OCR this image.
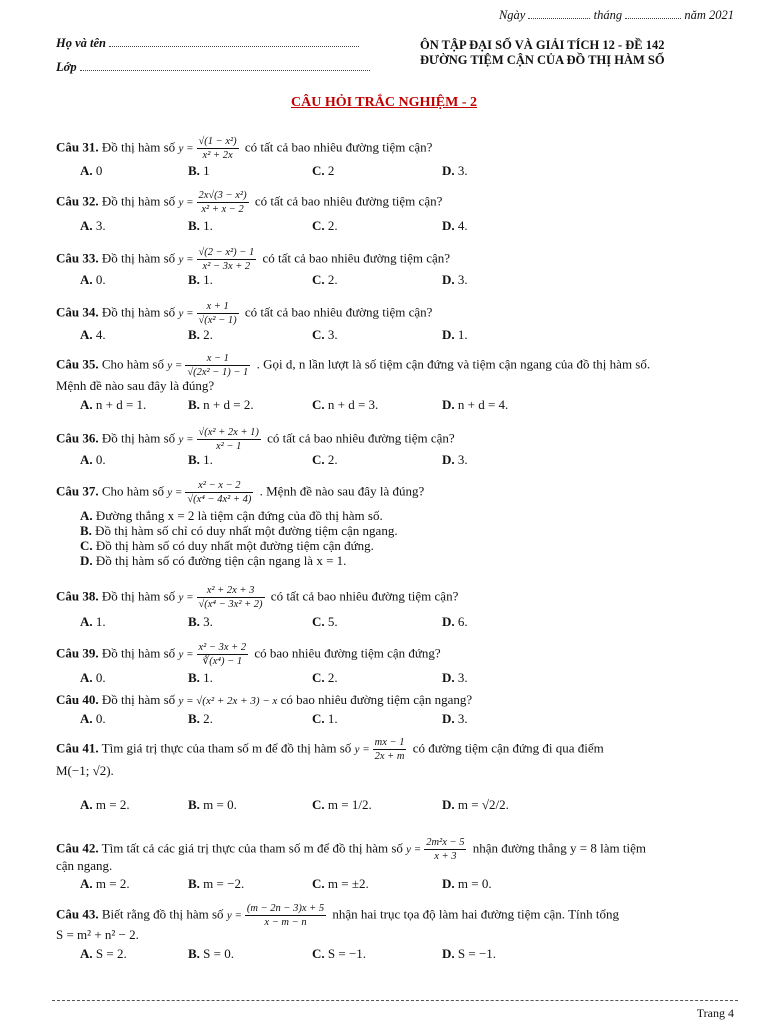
Ngày	tháng	năm 2021
Họ và tên
Lớp
ÔN TẬP ĐẠI SỐ VÀ GIẢI TÍCH 12 - ĐỀ 142
ĐƯỜNG TIỆM CẬN CỦA ĐỒ THỊ HÀM SỐ
CÂU HỎI TRẮC NGHIỆM - 2
Câu 31. Đồ thị hàm số $y = \frac{\text{√(1 − x²)}}{\text{x² + 2x}}$ có tất cả bao nhiêu đường tiệm cận?
A. 0	B. 1	C. 2	D. 3.
Câu 32. Đồ thị hàm số $y = \frac{\text{2x√(3 − x²)}}{\text{x² + x − 2}}$ có tất cả bao nhiêu đường tiệm cận?
A. 3.	B. 1.	C. 2.	D. 4.
Câu 33. Đồ thị hàm số $y = \frac{\text{√(2 − x²) − 1}}{\text{x² − 3x + 2}}$ có tất cả bao nhiêu đường tiệm cận?
A. 0.	B. 1.	C. 2.	D. 3.
Câu 34. Đồ thị hàm số $y = \frac{x + 1}{\text{√(x² − 1)}}$ có tất cả bao nhiêu đường tiệm cận?
A. 4.	B. 2.	C. 3.	D. 1.
Câu 35. Cho hàm số $y = \frac{x - 1}{\text{√(2x² − 1) − 1}}$ . Gọi d, n lần lượt là số tiệm cận đứng và tiệm cận ngang của đồ thị hàm số.
Mệnh đề nào sau đây là đúng?
A. n + d = 1.	B. n + d = 2.	C. n + d = 3.	D. n + d = 4.
Câu 36. Đồ thị hàm số $y = \frac{\text{√(x² + 2x + 1)}}{\text{x² − 1}}$ có tất cả bao nhiêu đường tiệm cận?
A. 0.	B. 1.	C. 2.	D. 3.
Câu 37. Cho hàm số $y = \frac{\text{x² − x − 2}}{\text{√(x⁴ − 4x² + 4)}}$ . Mệnh đề nào sau đây là đúng?
A. Đường thẳng x = 2 là tiệm cận đứng của đồ thị hàm số.
B. Đồ thị hàm số chỉ có duy nhất một đường tiệm cận ngang.
C. Đồ thị hàm số có duy nhất một đường tiệm cận đứng.
D. Đồ thị hàm số có đường tiện cận ngang là x = 1.
Câu 38. Đồ thị hàm số $y = \frac{\text{x² + 2x + 3}}{\text{√(x⁴ − 3x² + 2)}}$ có tất cả bao nhiêu đường tiệm cận?
A. 1.	B. 3.	C. 5.	D. 6.
Câu 39. Đồ thị hàm số $y = \frac{\text{x² − 3x + 2}}{\text{∛(x⁴) − 1}}$ có bao nhiêu đường tiệm cận đứng?
A. 0.	B. 1.	C. 2.	D. 3.
Câu 40. Đồ thị hàm số y = √(x² + 2x + 3) − x có bao nhiêu đường tiệm cận ngang?
A. 0.	B. 2.	C. 1.	D. 3.
Câu 41. Tìm giá trị thực của tham số m để đồ thị hàm số $y = \frac{mx - 1}{2x + m}$ có đường tiệm cận đứng đi qua điểm
M(−1; √2).
A. m = 2.	B. m = 0.	C. m = 1/2.	D. m = √2/2.
Câu 42. Tìm tất cả các giá trị thực của tham số m để đồ thị hàm số $y = \frac{\text{2m²x − 5}}{x + 3}$ nhận đường thẳng y = 8 làm tiệm
cận ngang.
A. m = 2.	B. m = −2.	C. m = ±2.	D. m = 0.
Câu 43. Biết rằng đồ thị hàm số $y = \frac{(m - 2n - 3)x + 5}{x - m - n}$ nhận hai trục tọa độ làm hai đường tiệm cận. Tính tổng
S = m² + n² − 2.
A. S = 2.	B. S = 0.	C. S = −1.	D. S = −1.
Trang 4
